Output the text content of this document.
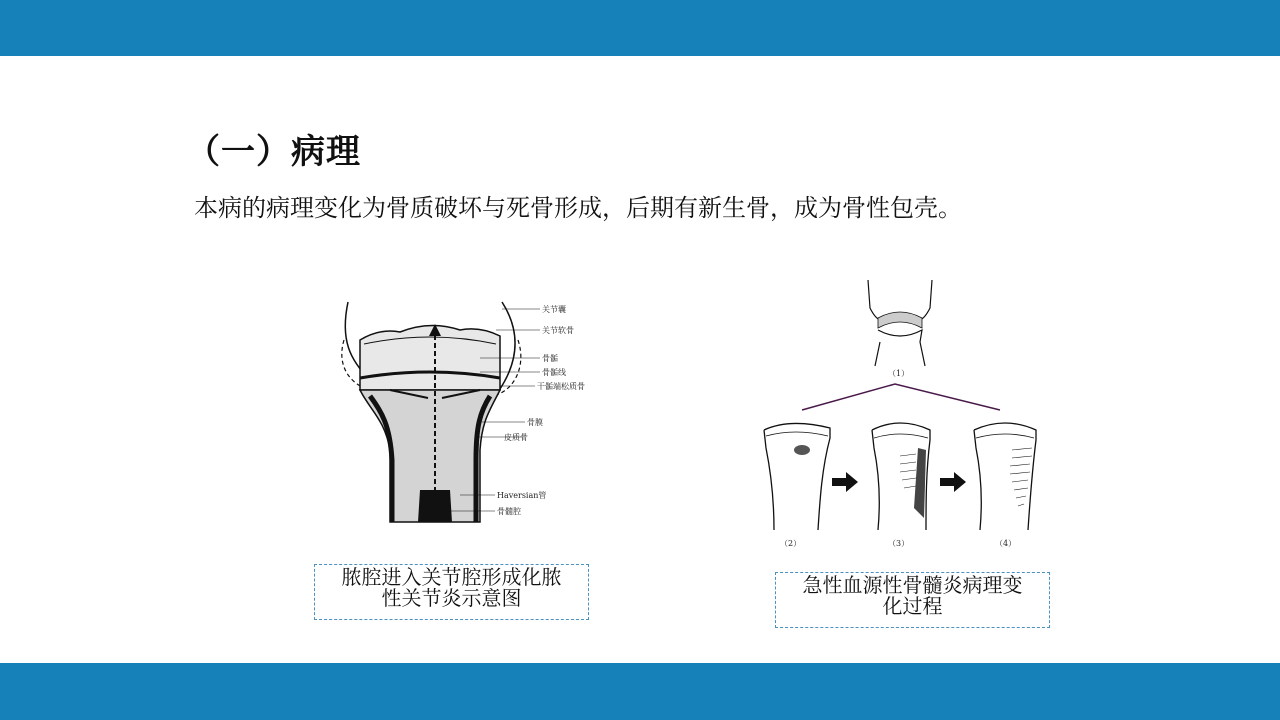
（一）病理
本病的病理变化为骨质破坏与死骨形成，后期有新生骨，成为骨性包壳。
关节囊
关节软骨
骨骺
骨骺线
干骺端松质骨
骨膜
皮质骨
Haversian管
骨髓腔
脓腔进入关节腔形成化脓
性关节炎示意图
（1）
（2）	（3）	（4）
急性血源性骨髓炎病理变
化过程
